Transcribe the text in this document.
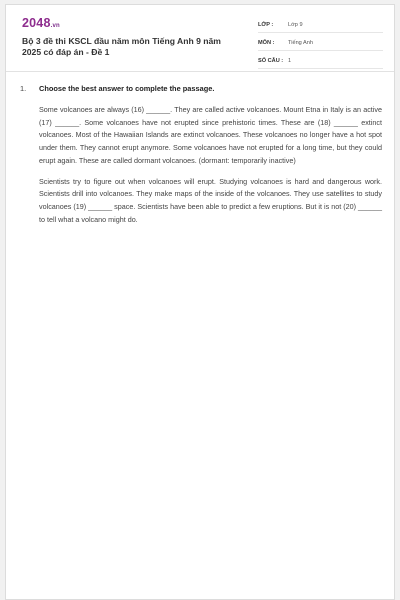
2048.vn
Bộ 3 đề thi KSCL đầu năm môn Tiếng Anh 9 năm 2025 có đáp án - Đề 1
LỚP :	Lớp 9
MÔN :	Tiếng Anh
SỐ CÂU : 1
1.	Choose the best answer to complete the passage.

Some volcanoes are always (16) ______. They are called active volcanoes. Mount Etna in Italy is an active (17) ______. Some volcanoes have not erupted since prehistoric times. These are (18) ______ extinct volcanoes. Most of the Hawaiian Islands are extinct volcanoes. These volcanoes no longer have a hot spot under them. They cannot erupt anymore. Some volcanoes have not erupted for a long time, but they could erupt again. These are called dormant volcanoes. (dormant: temporarily inactive)

Scientists try to figure out when volcanoes will erupt. Studying volcanoes is hard and dangerous work. Scientists drill into volcanoes. They make maps of the inside of the volcanoes. They use satellites to study volcanoes (19) ______ space. Scientists have been able to predict a few eruptions. But it is not (20) ______ to tell what a volcano might do.
